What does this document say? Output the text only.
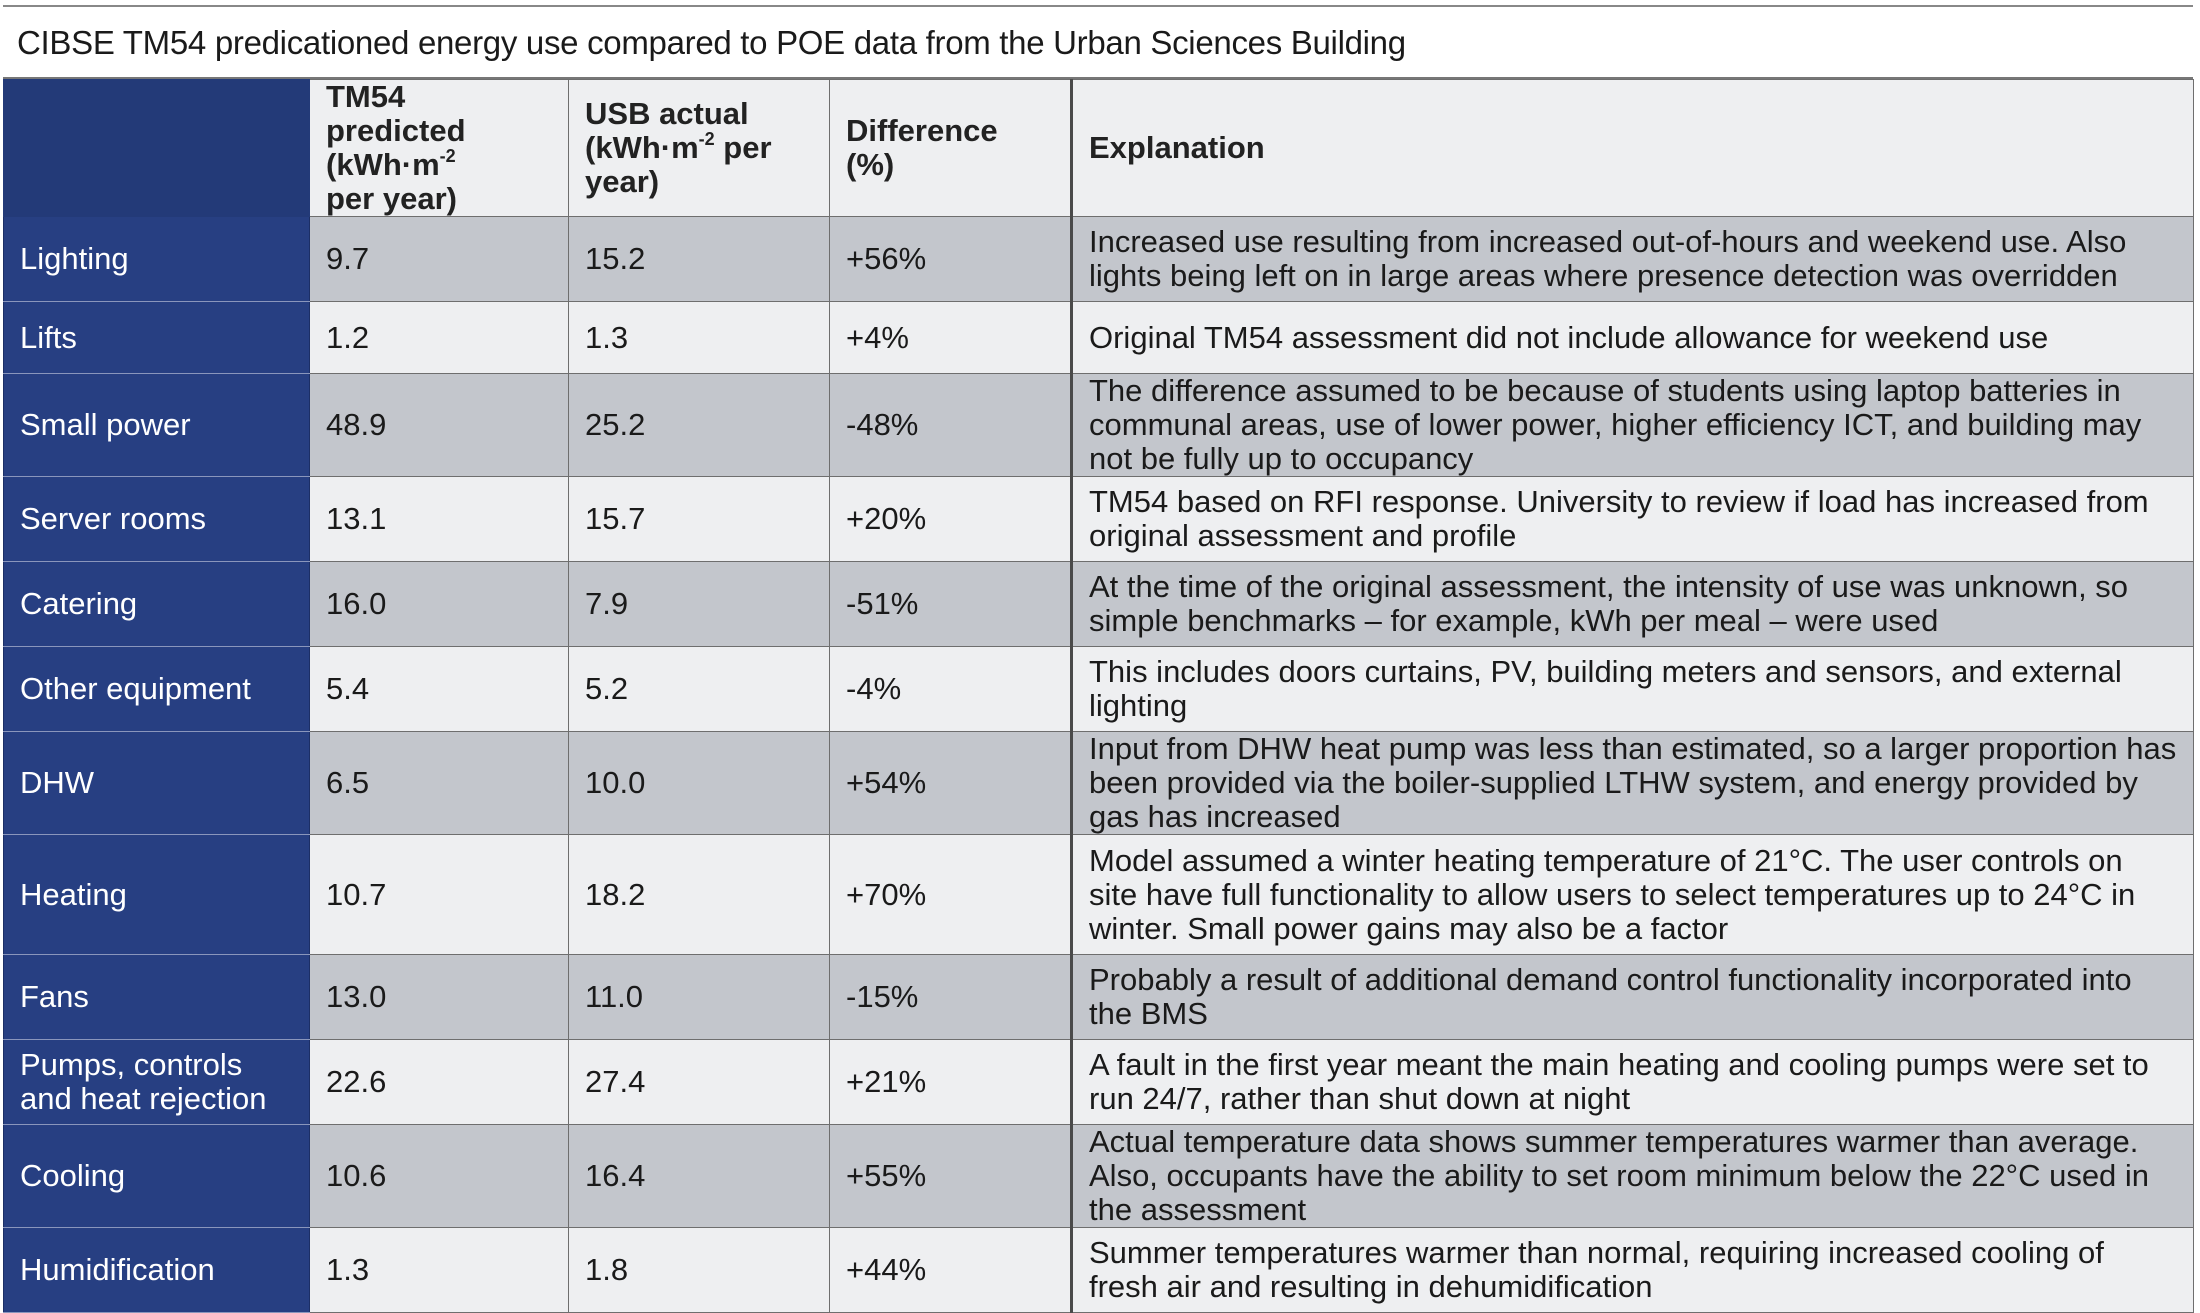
CIBSE TM54 predicationed energy use compared to POE data from the Urban Sciences Building
	TM54 predicted
($kWh\cdot m^{-2}$
per year)	USB actual
($kWh\cdot m^{-2}$ per year)	Difference (%)	Explanation
Lighting	9.7	15.2	+56%	Increased use resulting from increased out-of-hours and weekend use. Also lights being left on in large areas where presence detection was overridden
Lifts	1.2	1.3	+4%	Original TM54 assessment did not include allowance for weekend use
Small power	48.9	25.2	-48%	The difference assumed to be because of students using laptop batteries in communal areas, use of lower power, higher efficiency ICT, and building may not be fully up to occupancy
Server rooms	13.1	15.7	+20%	TM54 based on RFI response. University to review if load has increased from original assessment and profile
Catering	16.0	7.9	-51%	At the time of the original assessment, the intensity of use was unknown, so simple benchmarks – for example, kWh per meal – were used
Other equipment	5.4	5.2	-4%	This includes doors curtains, PV, building meters and sensors, and external lighting
DHW	6.5	10.0	+54%	Input from DHW heat pump was less than estimated, so a larger proportion has been provided via the boiler-supplied LTHW system, and energy provided by gas has increased
Heating	10.7	18.2	+70%	Model assumed a winter heating temperature of 21°C. The user controls on site have full functionality to allow users to select temperatures up to 24°C in winter. Small power gains may also be a factor
Fans	13.0	11.0	-15%	Probably a result of additional demand control functionality incorporated into the BMS
Pumps, controls and heat rejection	22.6	27.4	+21%	A fault in the first year meant the main heating and cooling pumps were set to run 24/7, rather than shut down at night
Cooling	10.6	16.4	+55%	Actual temperature data shows summer temperatures warmer than average. Also, occupants have the ability to set room minimum below the 22°C used in the assessment
Humidification	1.3	1.8	+44%	Summer temperatures warmer than normal, requiring increased cooling of fresh air and resulting in dehumidification
